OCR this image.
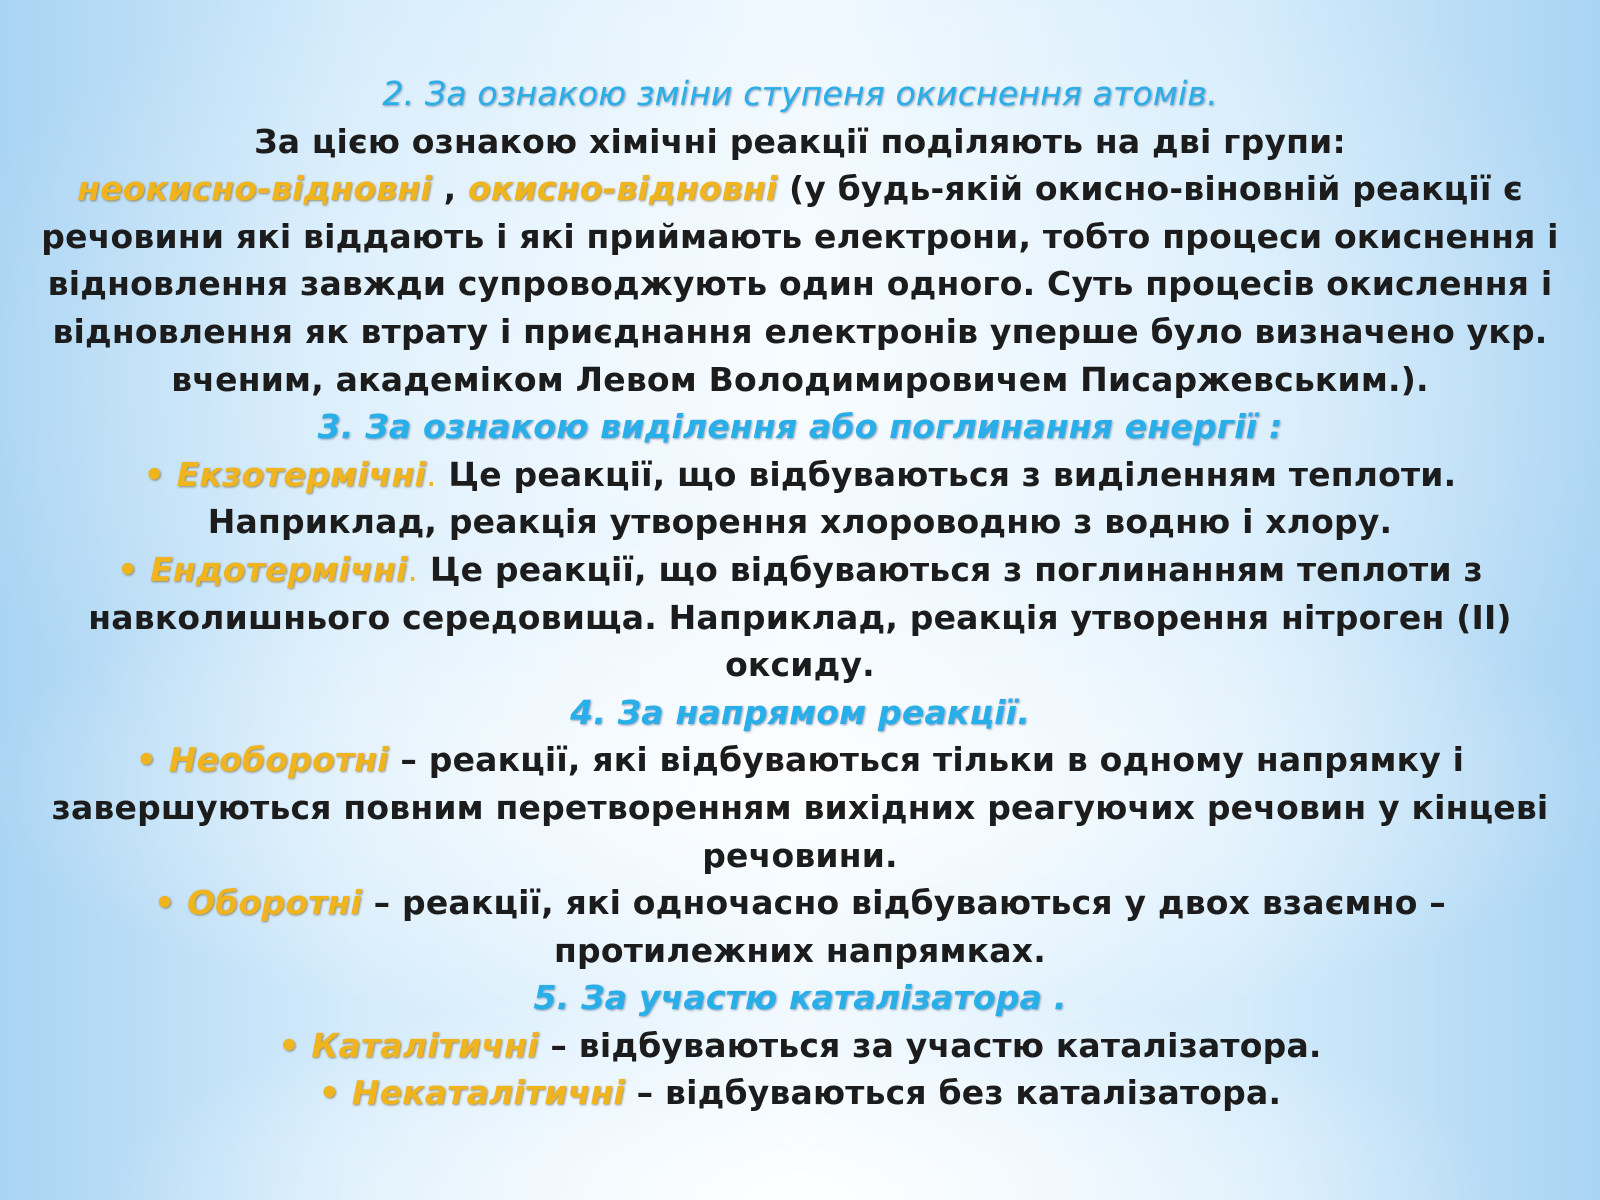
2. За ознакою зміни ступеня окиснення атомів.
За цією ознакою хімічні реакції поділяють на дві групи:
неокисно-відновні , окисно-відновні (у будь-якій окисно-віновній реакції є
речовини які віддають і які приймають електрони, тобто процеси окиснення і
відновлення завжди супроводжують один одного. Суть процесів окислення і
відновлення як втрату і приєднання електронів уперше було визначено укр.
вченим, академіком Левом Володимировичем Писаржевським.).
3. За ознакою виділення або поглинання енергії :
• Екзотермічні. Це реакції, що відбуваються з виділенням теплоти.
Наприклад, реакція утворення хлороводню з водню і хлору.
• Ендотермічні. Це реакції, що відбуваються з поглинанням теплоти з
навколишнього середовища. Наприклад, реакція утворення нітроген (II)
оксиду.
4. За напрямом реакції.
• Необоротні – реакції, які відбуваються тільки в одному напрямку і
завершуються повним перетворенням вихідних реагуючих речовин у кінцеві
речовини.
• Оборотні – реакції, які одночасно відбуваються у двох взаємно –
протилежних напрямках.
5. За участю каталізатора .
• Каталітичні – відбуваються за участю каталізатора.
• Некаталітичні – відбуваються без каталізатора.
